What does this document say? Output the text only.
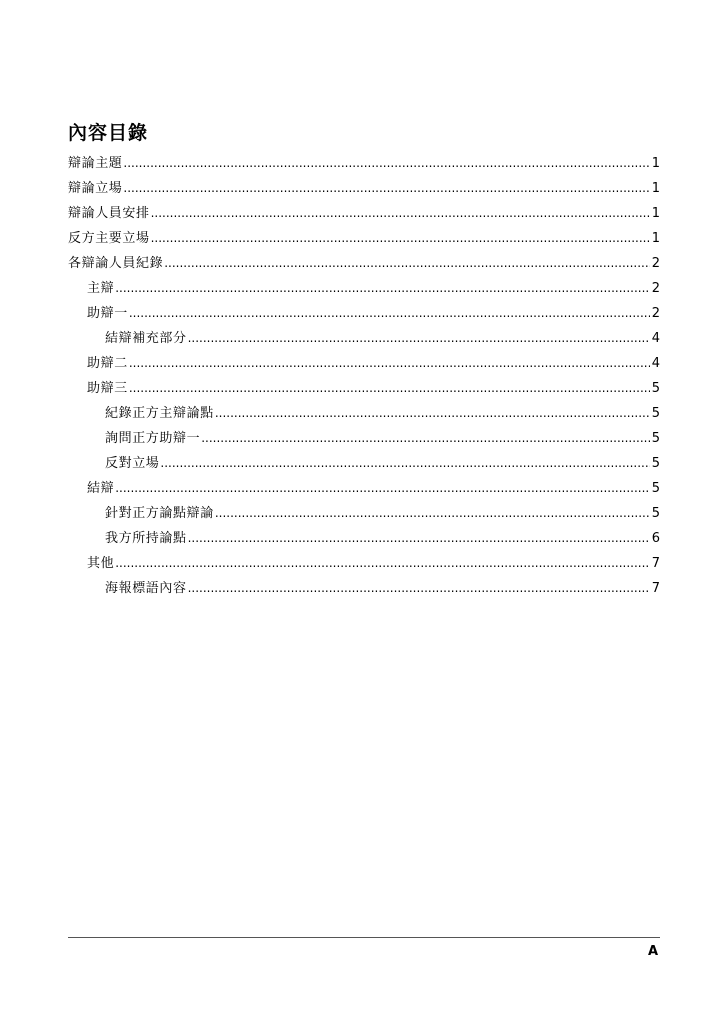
內容目錄
辯論主題 .....	1
辯論立場 .....	1
辯論人員安排 .....	1
反方主要立場 .....	1
各辯論人員紀錄 .....	2
主辯 .....	2
助辯一 .....	2
結辯補充部分 .....	4
助辯二 .....	4
助辯三 .....	5
紀錄正方主辯論點 .....	5
詢問正方助辯一 .....	5
反對立場 .....	5
結辯 .....	5
針對正方論點辯論 .....	5
我方所持論點 .....	6
其他 .....	7
海報標語內容 .....	7
A
